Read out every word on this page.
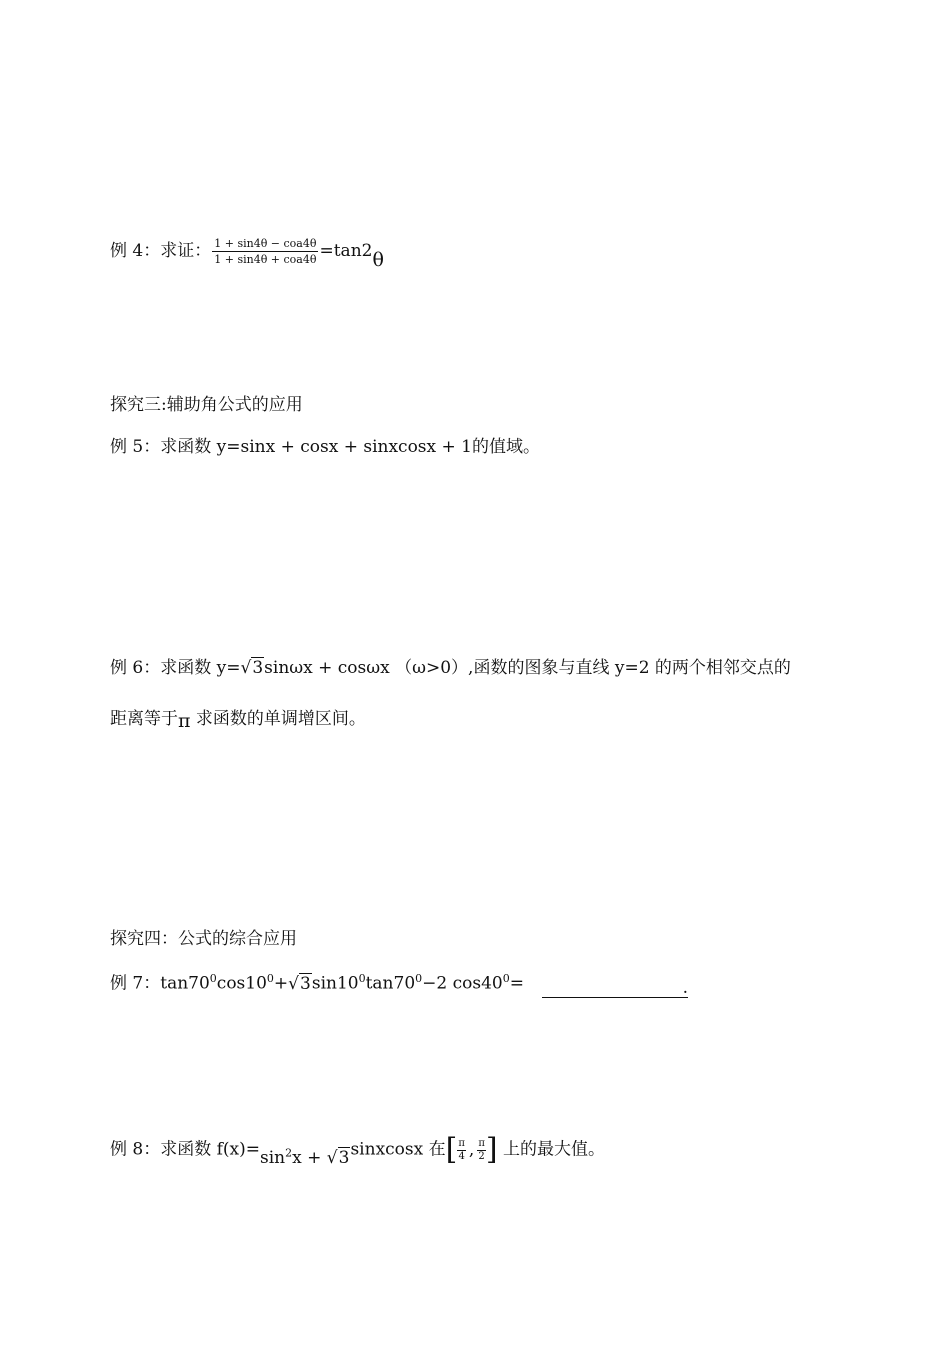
例 4：求证： $\frac{\text{1 + sin4θ − coa4θ}}{\text{1 + sin4θ + coa4θ}} =\tan 2\theta$
探究三:辅助角公式的应用
例 5：求函数 y=sinx + cosx + sinxcosx + 1的值域。
例 6：求函数 y=√3sinωx + cosωx （ω>0）,函数的图象与直线 y=2 的两个相邻交点的
距离等于π 求函数的单调增区间。
探究四：公式的综合应用
例 7：$\tan 70^0\cos 10^0+√3\sin 10^0\tan 70^0-2$ $\cos 40^0=$	.
例 8：求函数 $f(x)=\sin^2x$ + √3sinxcosx 在[ $\frac{\pi}{4}$ , $\frac{\pi}{2}$ ] 上的最大值。
